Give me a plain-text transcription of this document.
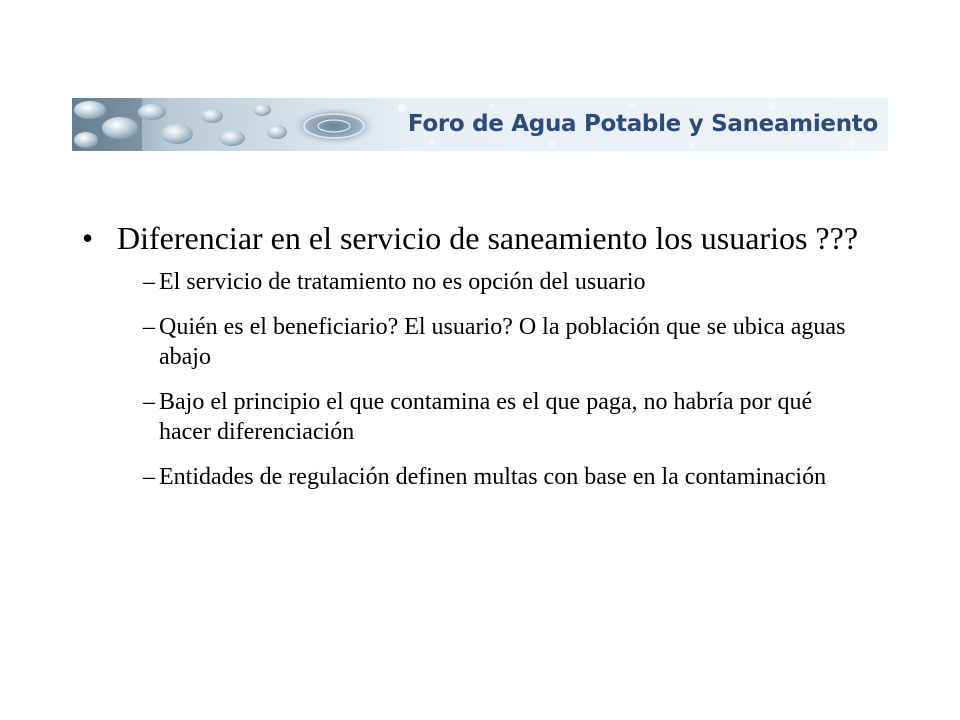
Foro de Agua Potable y Saneamiento
• Diferenciar en el servicio de saneamiento los usuarios ???
– El servicio de tratamiento no es opción del usuario
– Quién es el beneficiario? El usuario? O la población que se ubica aguas abajo
– Bajo el principio el que contamina es el que paga, no habría por qué hacer diferenciación
– Entidades de regulación definen multas con base en la contaminación
